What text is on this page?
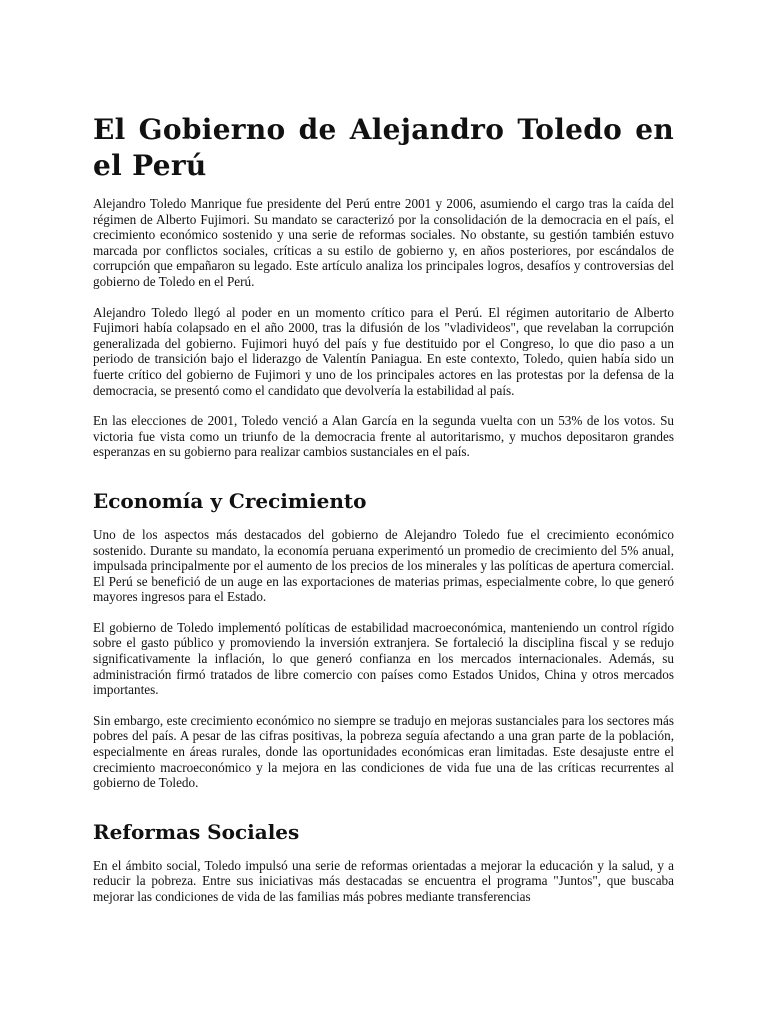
El Gobierno de Alejandro Toledo en el Perú

Alejandro Toledo Manrique fue presidente del Perú entre 2001 y 2006, asumiendo el cargo tras la caída del régimen de Alberto Fujimori. Su mandato se caracterizó por la consolidación de la democracia en el país, el crecimiento económico sostenido y una serie de reformas sociales. No obstante, su gestión también estuvo marcada por conflictos sociales, críticas a su estilo de gobierno y, en años posteriores, por escándalos de corrupción que empañaron su legado. Este artículo analiza los principales logros, desafíos y controversias del gobierno de Toledo en el Perú.

Alejandro Toledo llegó al poder en un momento crítico para el Perú. El régimen autoritario de Alberto Fujimori había colapsado en el año 2000, tras la difusión de los "vladivideos", que revelaban la corrupción generalizada del gobierno. Fujimori huyó del país y fue destituido por el Congreso, lo que dio paso a un periodo de transición bajo el liderazgo de Valentín Paniagua. En este contexto, Toledo, quien había sido un fuerte crítico del gobierno de Fujimori y uno de los principales actores en las protestas por la defensa de la democracia, se presentó como el candidato que devolvería la estabilidad al país.

En las elecciones de 2001, Toledo venció a Alan García en la segunda vuelta con un 53% de los votos. Su victoria fue vista como un triunfo de la democracia frente al autoritarismo, y muchos depositaron grandes esperanzas en su gobierno para realizar cambios sustanciales en el país.

Economía y Crecimiento

Uno de los aspectos más destacados del gobierno de Alejandro Toledo fue el crecimiento económico sostenido. Durante su mandato, la economía peruana experimentó un promedio de crecimiento del 5% anual, impulsada principalmente por el aumento de los precios de los minerales y las políticas de apertura comercial. El Perú se benefició de un auge en las exportaciones de materias primas, especialmente cobre, lo que generó mayores ingresos para el Estado.

El gobierno de Toledo implementó políticas de estabilidad macroeconómica, manteniendo un control rígido sobre el gasto público y promoviendo la inversión extranjera. Se fortaleció la disciplina fiscal y se redujo significativamente la inflación, lo que generó confianza en los mercados internacionales. Además, su administración firmó tratados de libre comercio con países como Estados Unidos, China y otros mercados importantes.

Sin embargo, este crecimiento económico no siempre se tradujo en mejoras sustanciales para los sectores más pobres del país. A pesar de las cifras positivas, la pobreza seguía afectando a una gran parte de la población, especialmente en áreas rurales, donde las oportunidades económicas eran limitadas. Este desajuste entre el crecimiento macroeconómico y la mejora en las condiciones de vida fue una de las críticas recurrentes al gobierno de Toledo.

Reformas Sociales

En el ámbito social, Toledo impulsó una serie de reformas orientadas a mejorar la educación y la salud, y a reducir la pobreza. Entre sus iniciativas más destacadas se encuentra el programa "Juntos", que buscaba mejorar las condiciones de vida de las familias más pobres mediante transferencias
